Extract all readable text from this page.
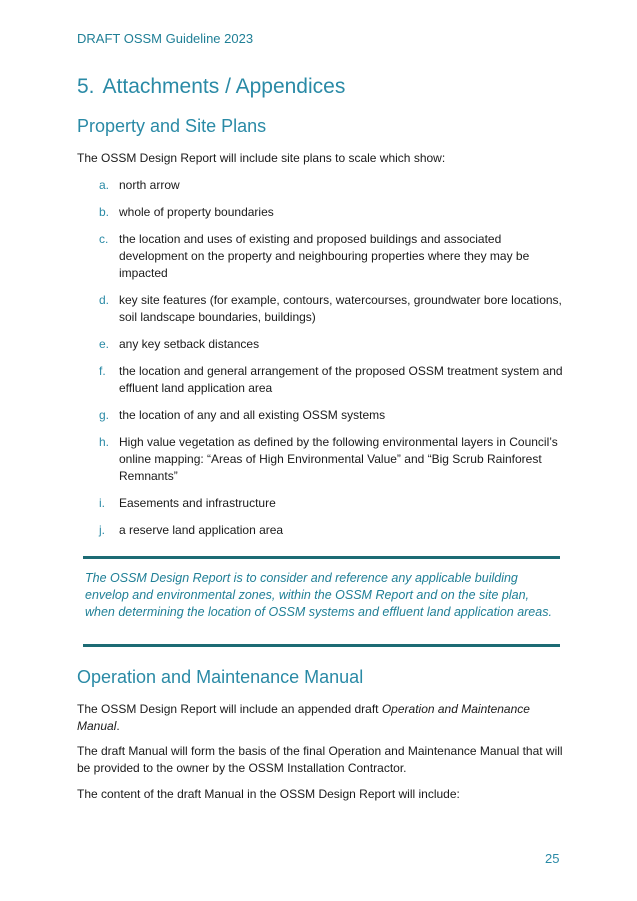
DRAFT OSSM Guideline 2023
5. Attachments / Appendices
Property and Site Plans
The OSSM Design Report will include site plans to scale which show:
a. north arrow
b. whole of property boundaries
c. the location and uses of existing and proposed buildings and associated development on the property and neighbouring properties where they may be impacted
d. key site features (for example, contours, watercourses, groundwater bore locations, soil landscape boundaries, buildings)
e. any key setback distances
f. the location and general arrangement of the proposed OSSM treatment system and effluent land application area
g. the location of any and all existing OSSM systems
h. High value vegetation as defined by the following environmental layers in Council’s online mapping: “Areas of High Environmental Value” and “Big Scrub Rainforest Remnants”
i. Easements and infrastructure
j. a reserve land application area
The OSSM Design Report is to consider and reference any applicable building envelop and environmental zones, within the OSSM Report and on the site plan, when determining the location of OSSM systems and effluent land application areas.
Operation and Maintenance Manual
The OSSM Design Report will include an appended draft Operation and Maintenance Manual.
The draft Manual will form the basis of the final Operation and Maintenance Manual that will be provided to the owner by the OSSM Installation Contractor.
The content of the draft Manual in the OSSM Design Report will include:
25
